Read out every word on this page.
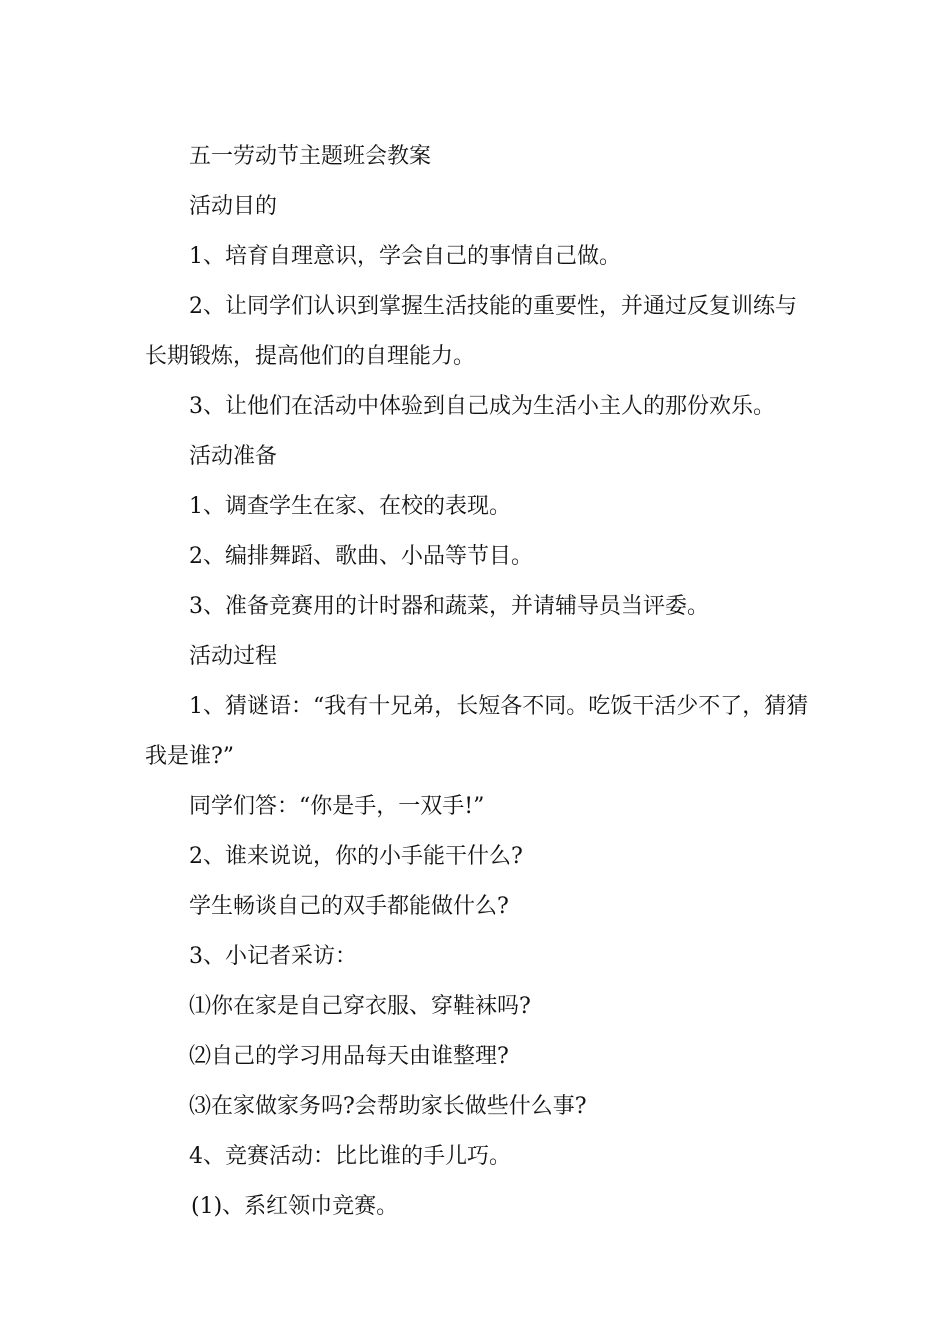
五一劳动节主题班会教案

活动目的

1、培育自理意识，学会自己的事情自己做。

2、让同学们认识到掌握生活技能的重要性，并通过反复训练与长期锻炼，提高他们的自理能力。

3、让他们在活动中体验到自己成为生活小主人的那份欢乐。

活动准备

1、调查学生在家、在校的表现。

2、编排舞蹈、歌曲、小品等节目。

3、准备竞赛用的计时器和蔬菜，并请辅导员当评委。

活动过程

1、猜谜语：“我有十兄弟，长短各不同。吃饭干活少不了，猜猜我是谁?”

同学们答：“你是手，一双手!”

2、谁来说说，你的小手能干什么?

学生畅谈自己的双手都能做什么?

3、小记者采访：

⑴你在家是自己穿衣服、穿鞋袜吗?

⑵自己的学习用品每天由谁整理?

⑶在家做家务吗?会帮助家长做些什么事?

4、竞赛活动：比比谁的手儿巧。

(1)、系红领巾竞赛。
